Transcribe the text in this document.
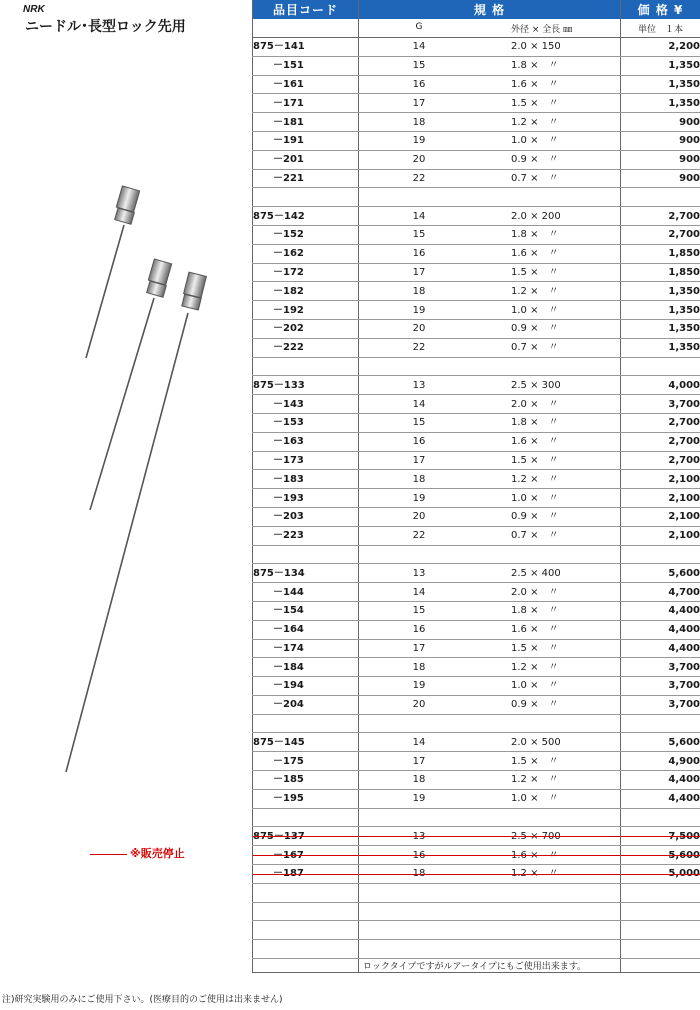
NRK
ニードル･長型ロック先用
※販売停止
品目コード	規 格	価 格 ¥

	G 外径 × 全長 ㎜	単位　１本
875－141	14 2.0 × 150	2,200
　　－151	15 1.8 ×　〃	1,350
　　－161	16 1.6 ×　〃	1,350
　　－171	17 1.5 ×　〃	1,350
　　－181	18 1.2 ×　〃	900
　　－191	19 1.0 ×　〃	900
　　－201	20 0.9 ×　〃	900
　　－221	22 0.7 ×　〃	900

875－142	14 2.0 × 200	2,700
　　－152	15 1.8 ×　〃	2,700
　　－162	16 1.6 ×　〃	1,850
　　－172	17 1.5 ×　〃	1,850
　　－182	18 1.2 ×　〃	1,350
　　－192	19 1.0 ×　〃	1,350
　　－202	20 0.9 ×　〃	1,350
　　－222	22 0.7 ×　〃	1,350

875－133	13 2.5 × 300	4,000
　　－143	14 2.0 ×　〃	3,700
　　－153	15 1.8 ×　〃	2,700
　　－163	16 1.6 ×　〃	2,700
　　－173	17 1.5 ×　〃	2,700
　　－183	18 1.2 ×　〃	2,100
　　－193	19 1.0 ×　〃	2,100
　　－203	20 0.9 ×　〃	2,100
　　－223	22 0.7 ×　〃	2,100

875－134	13 2.5 × 400	5,600
　　－144	14 2.0 ×　〃	4,700
　　－154	15 1.8 ×　〃	4,400
　　－164	16 1.6 ×　〃	4,400
　　－174	17 1.5 ×　〃	4,400
　　－184	18 1.2 ×　〃	3,700
　　－194	19 1.0 ×　〃	3,700
　　－204	20 0.9 ×　〃	3,700

875－145	14 2.0 × 500	5,600
　　－175	17 1.5 ×　〃	4,900
　　－185	18 1.2 ×　〃	4,400
　　－195	19 1.0 ×　〃	4,400

875－137	13 2.5 × 700	7,500
　　－167	16 1.6 ×　〃	5,600
　　－187	18 1.2 ×　〃	5,000

	ロックタイプですがルアータイプにもご使用出来ます。	
注)研究実験用のみにご使用下さい。(医療目的のご使用は出来ません)
